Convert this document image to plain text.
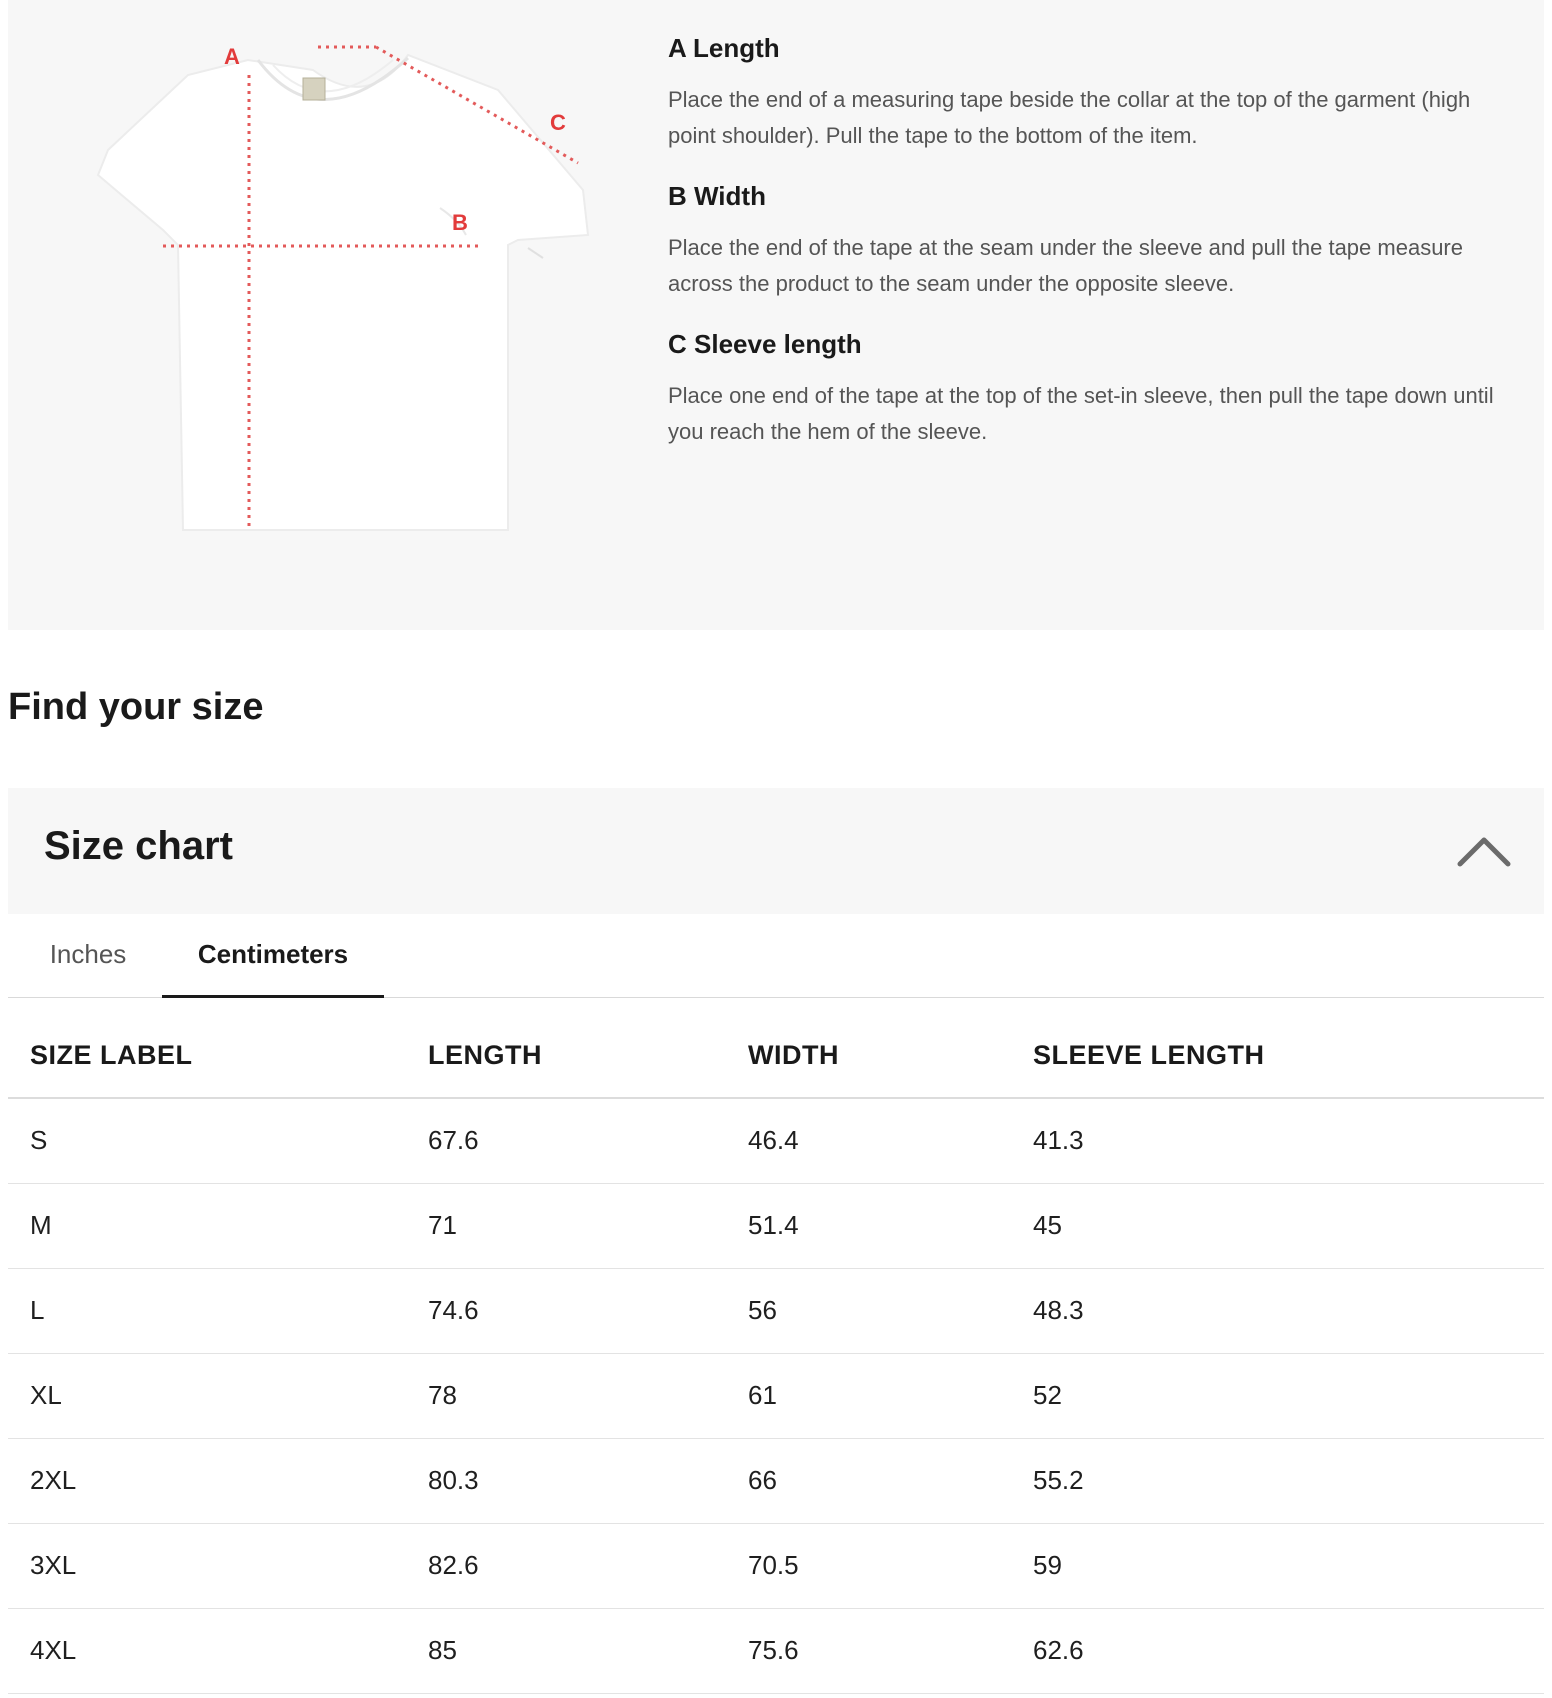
A
B
C
A Length
Place the end of a measuring tape beside the collar at the top of the garment (high point shoulder). Pull the tape to the bottom of the item.
B Width
Place the end of the tape at the seam under the sleeve and pull the tape measure across the product to the seam under the opposite sleeve.
C Sleeve length
Place one end of the tape at the top of the set-in sleeve, then pull the tape down until you reach the hem of the sleeve.
Find your size
Size chart
Inches	Centimeters
SIZE LABEL	LENGTH	WIDTH	SLEEVE LENGTH
S	67.6	46.4	41.3
M	71	51.4	45
L	74.6	56	48.3
XL	78	61	52
2XL	80.3	66	55.2
3XL	82.6	70.5	59
4XL	85	75.6	62.6
